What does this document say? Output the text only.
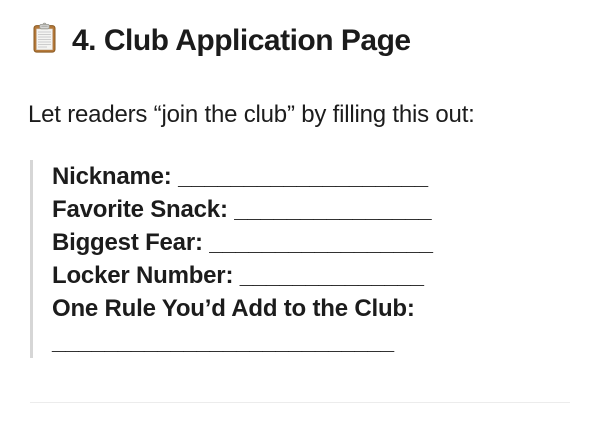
4. Club Application Page

Let readers “join the club” by filling this out:

Nickname: ___________________
Favorite Snack: _______________
Biggest Fear: _________________
Locker Number: ______________
One Rule You’d Add to the Club: __________________________
